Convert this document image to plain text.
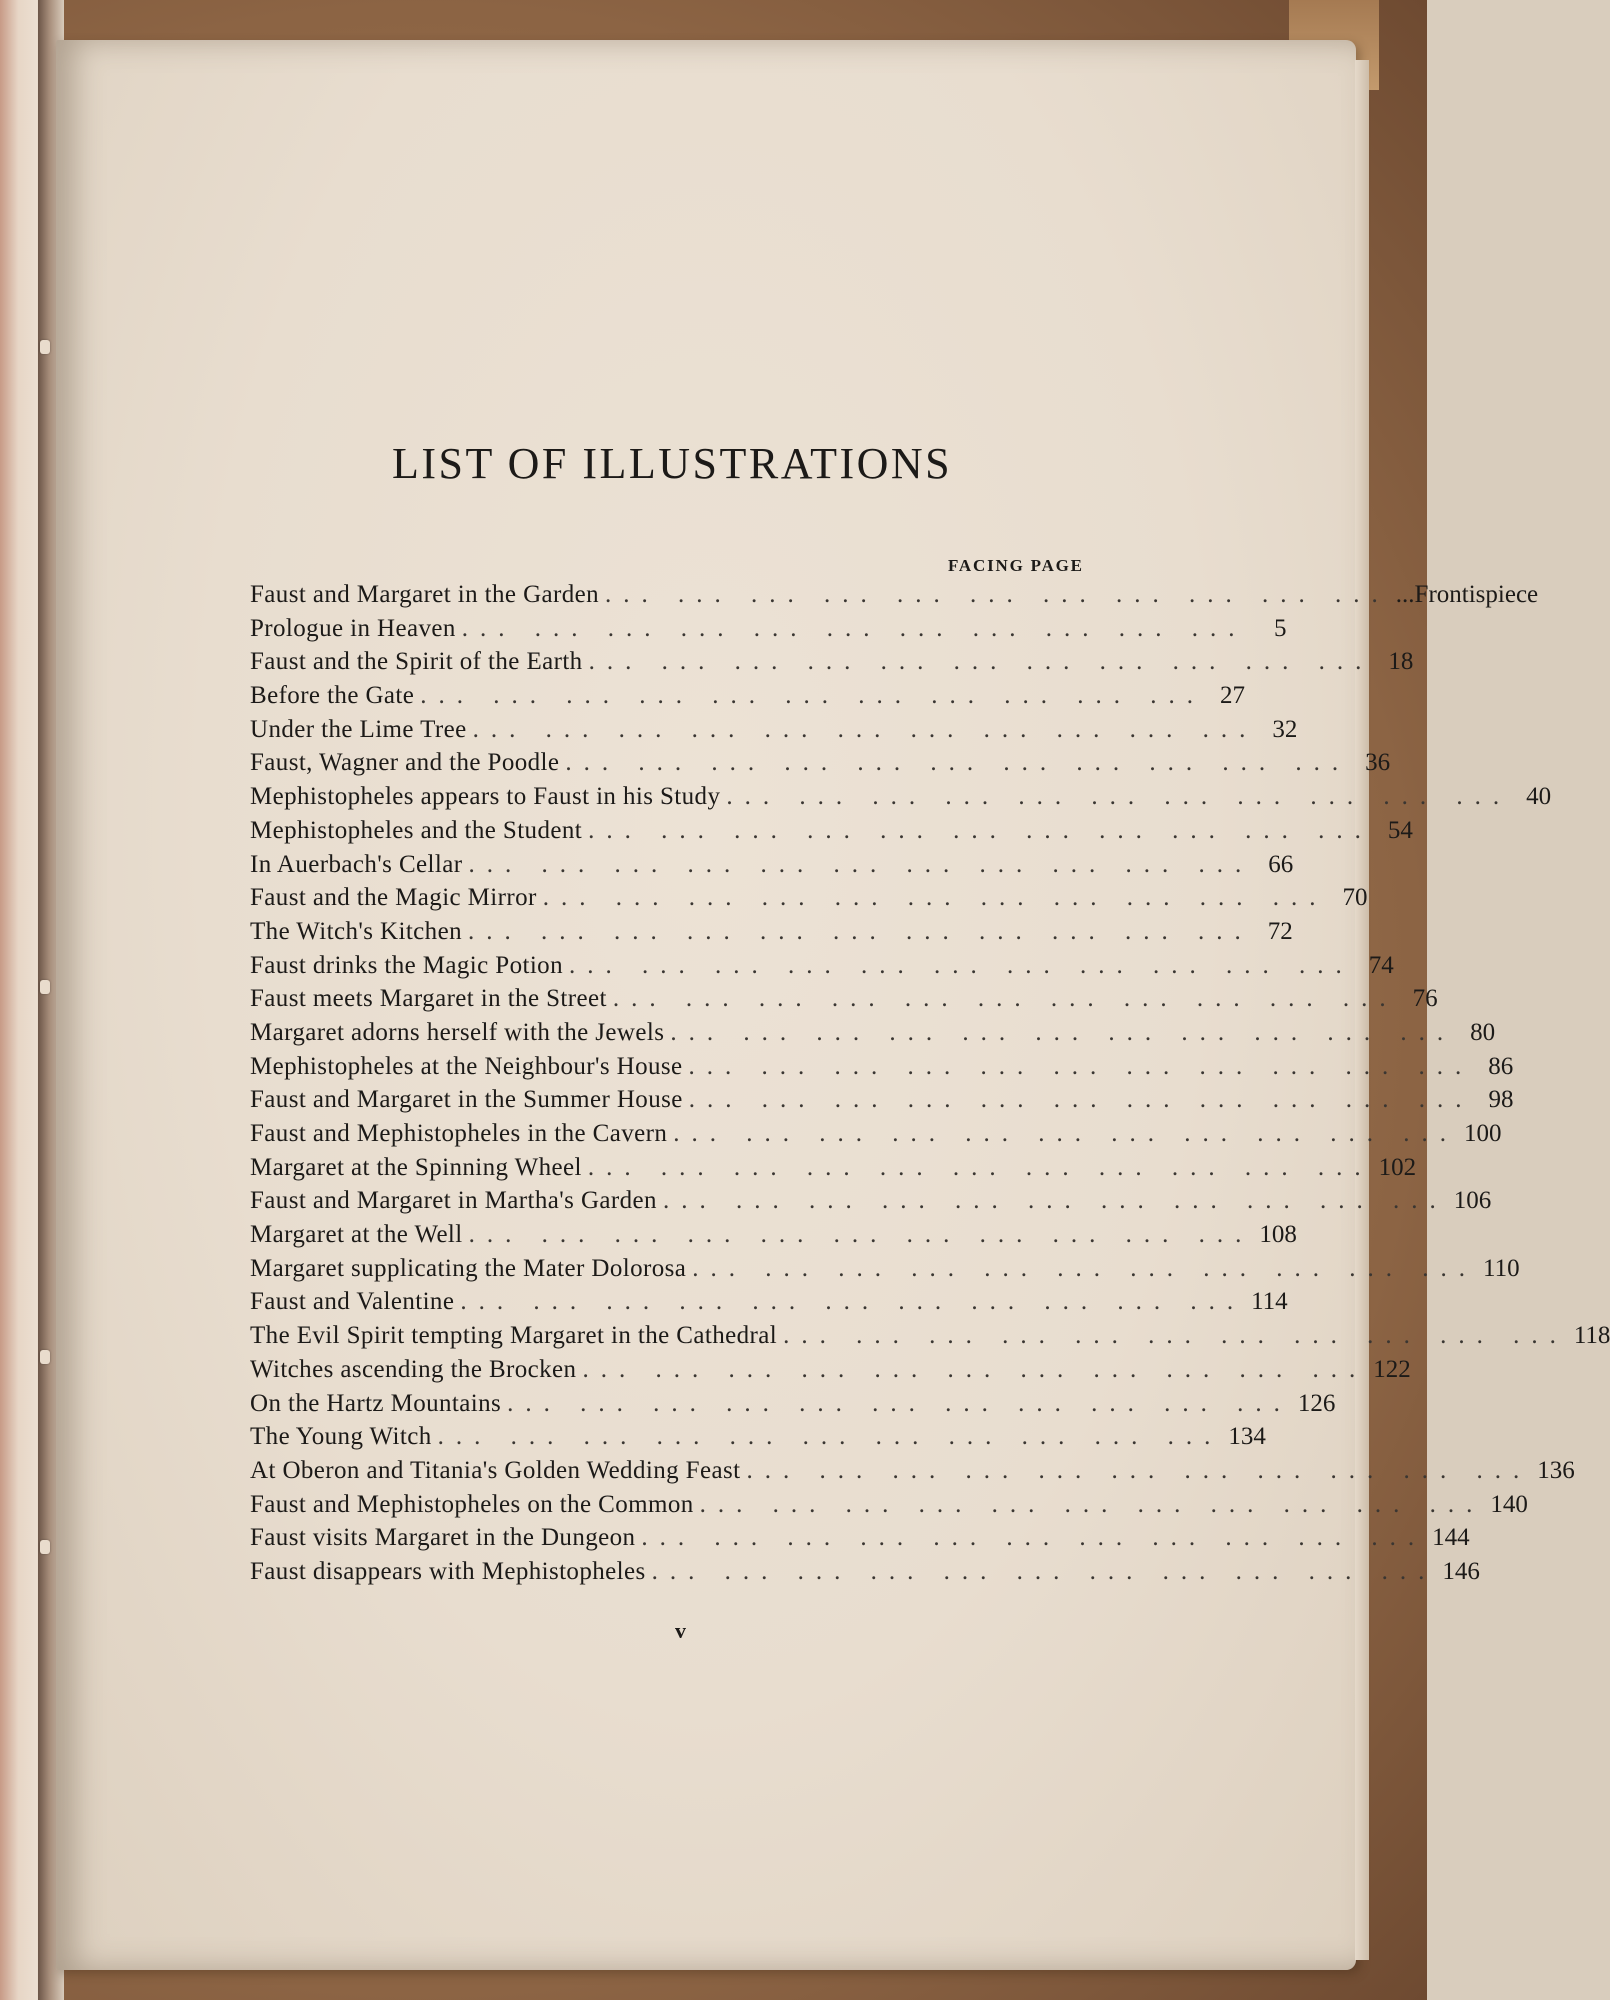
LIST OF ILLUSTRATIONS
FACING PAGE
Faust and Margaret in the Garden ... ... ... ... ... ... ... ... ... ... ... ...Frontispiece
Prologue in Heaven ... ... ... ... ... ... ... ... ... ... ...	5
Faust and the Spirit of the Earth ... ... ... ... ... ... ... ... ... ... ... 18
Before the Gate ... ... ... ... ... ... ... ... ... ... ... 27
Under the Lime Tree ... ... ... ... ... ... ... ... ... ... ... 32
Faust, Wagner and the Poodle ... ... ... ... ... ... ... ... ... ... ... 36
Mephistopheles appears to Faust in his Study ... ... ... ... ... ... ... ... ... ... ... 40
Mephistopheles and the Student ... ... ... ... ... ... ... ... ... ... ... 54
In Auerbach's Cellar ... ... ... ... ... ... ... ... ... ... ... 66
Faust and the Magic Mirror ... ... ... ... ... ... ... ... ... ... ... 70
The Witch's Kitchen ... ... ... ... ... ... ... ... ... ... ... 72
Faust drinks the Magic Potion ... ... ... ... ... ... ... ... ... ... ... 74
Faust meets Margaret in the Street ... ... ... ... ... ... ... ... ... ... ... 76
Margaret adorns herself with the Jewels ... ... ... ... ... ... ... ... ... ... ... 80
Mephistopheles at the Neighbour's House ... ... ... ... ... ... ... ... ... ... ... 86
Faust and Margaret in the Summer House ... ... ... ... ... ... ... ... ... ... ... 98
Faust and Mephistopheles in the Cavern ... ... ... ... ... ... ... ... ... ... ... 100
Margaret at the Spinning Wheel ... ... ... ... ... ... ... ... ... ... ... 102
Faust and Margaret in Martha's Garden ... ... ... ... ... ... ... ... ... ... ... 106
Margaret at the Well ... ... ... ... ... ... ... ... ... ... ... 108
Margaret supplicating the Mater Dolorosa ... ... ... ... ... ... ... ... ... ... ... 110
Faust and Valentine ... ... ... ... ... ... ... ... ... ... ... 114
The Evil Spirit tempting Margaret in the Cathedral ... ... ... ... ... ... ... ... ... ... ... 118
Witches ascending the Brocken ... ... ... ... ... ... ... ... ... ... ... 122
On the Hartz Mountains ... ... ... ... ... ... ... ... ... ... ... 126
The Young Witch ... ... ... ... ... ... ... ... ... ... ... 134
At Oberon and Titania's Golden Wedding Feast ... ... ... ... ... ... ... ... ... ... ... 136
Faust and Mephistopheles on the Common ... ... ... ... ... ... ... ... ... ... ... 140
Faust visits Margaret in the Dungeon ... ... ... ... ... ... ... ... ... ... ... 144
Faust disappears with Mephistopheles ... ... ... ... ... ... ... ... ... ... ... 146
v
